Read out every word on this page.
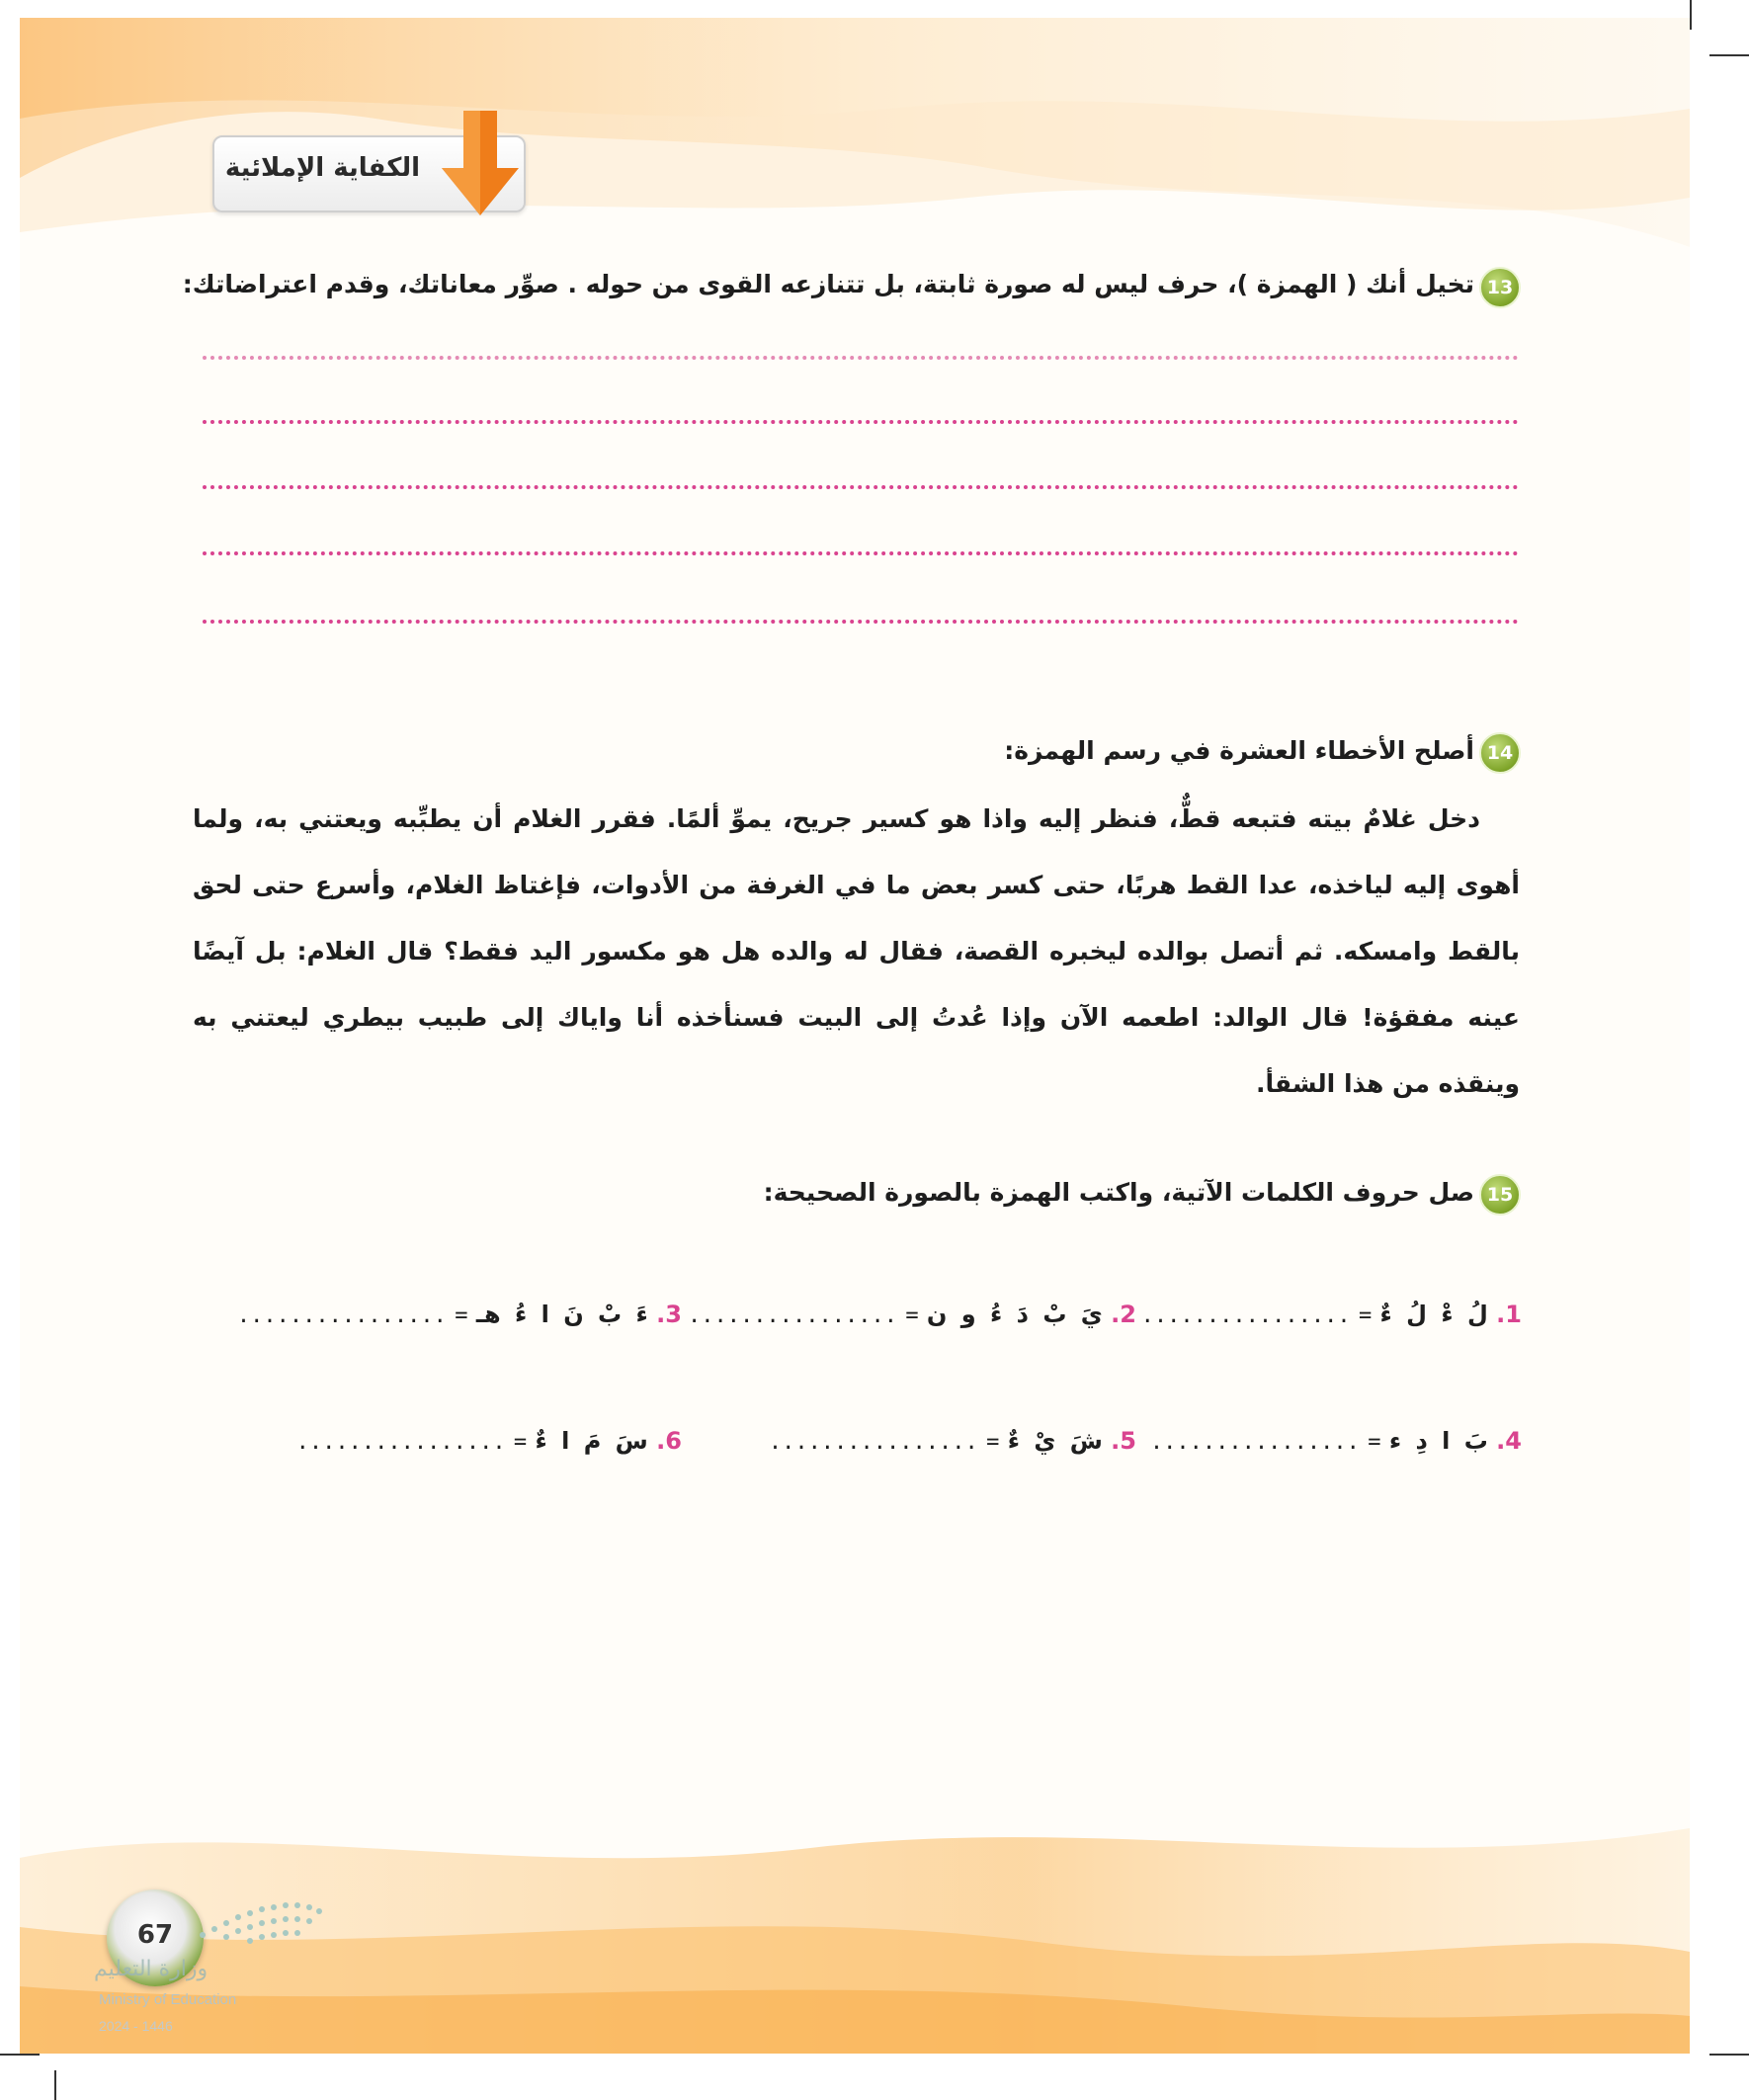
الكفاية الإملائية
13
تخيل أنك ( الهمزة )، حرف ليس له صورة ثابتة، بل تتنازعه القوى من حوله . صوِّر معاناتك، وقدم اعتراضاتك:
14
أصلح الأخطاء العشرة في رسم الهمزة:
دخل غلامٌ بيته فتبعه قطٌّ، فنظر إليه واذا هو كسير جريح، يموِّ ألمًا. فقرر الغلام أن يطبِّبه ويعتني به، ولما أهوى إليه لياخذه، عدا القط هربًا، حتى كسر بعض ما في الغرفة من الأدوات، فإغتاظ الغلام، وأسرع حتى لحق بالقط وامسكه. ثم أتصل بوالده ليخبره القصة، فقال له والده هل هو مكسور اليد فقط؟ قال الغلام: بل آيضًا عينه مفقؤة! قال الوالد: اطعمه الآن وإذا عُدتُ إلى البيت فسنأخذه أنا واياك إلى طبيب بيطري ليعتني به وينقذه من هذا الشقأ.
15
صل حروف الكلمات الآتية، واكتب الهمزة بالصورة الصحيحة:
1. لُ ءْ لُ ءٌ = ................
2. يَ بْ دَ ءُ و ن = ................
3. ءَ بْ نَ ا ءُ هـ = ................
4. بَ ا دِ ء = ................
5. شَ يْ ءٌ = ................
6. سَ مَ ا ءٌ = ................
67
وزارة التعليم
Ministry of Education
2024 - 1446
